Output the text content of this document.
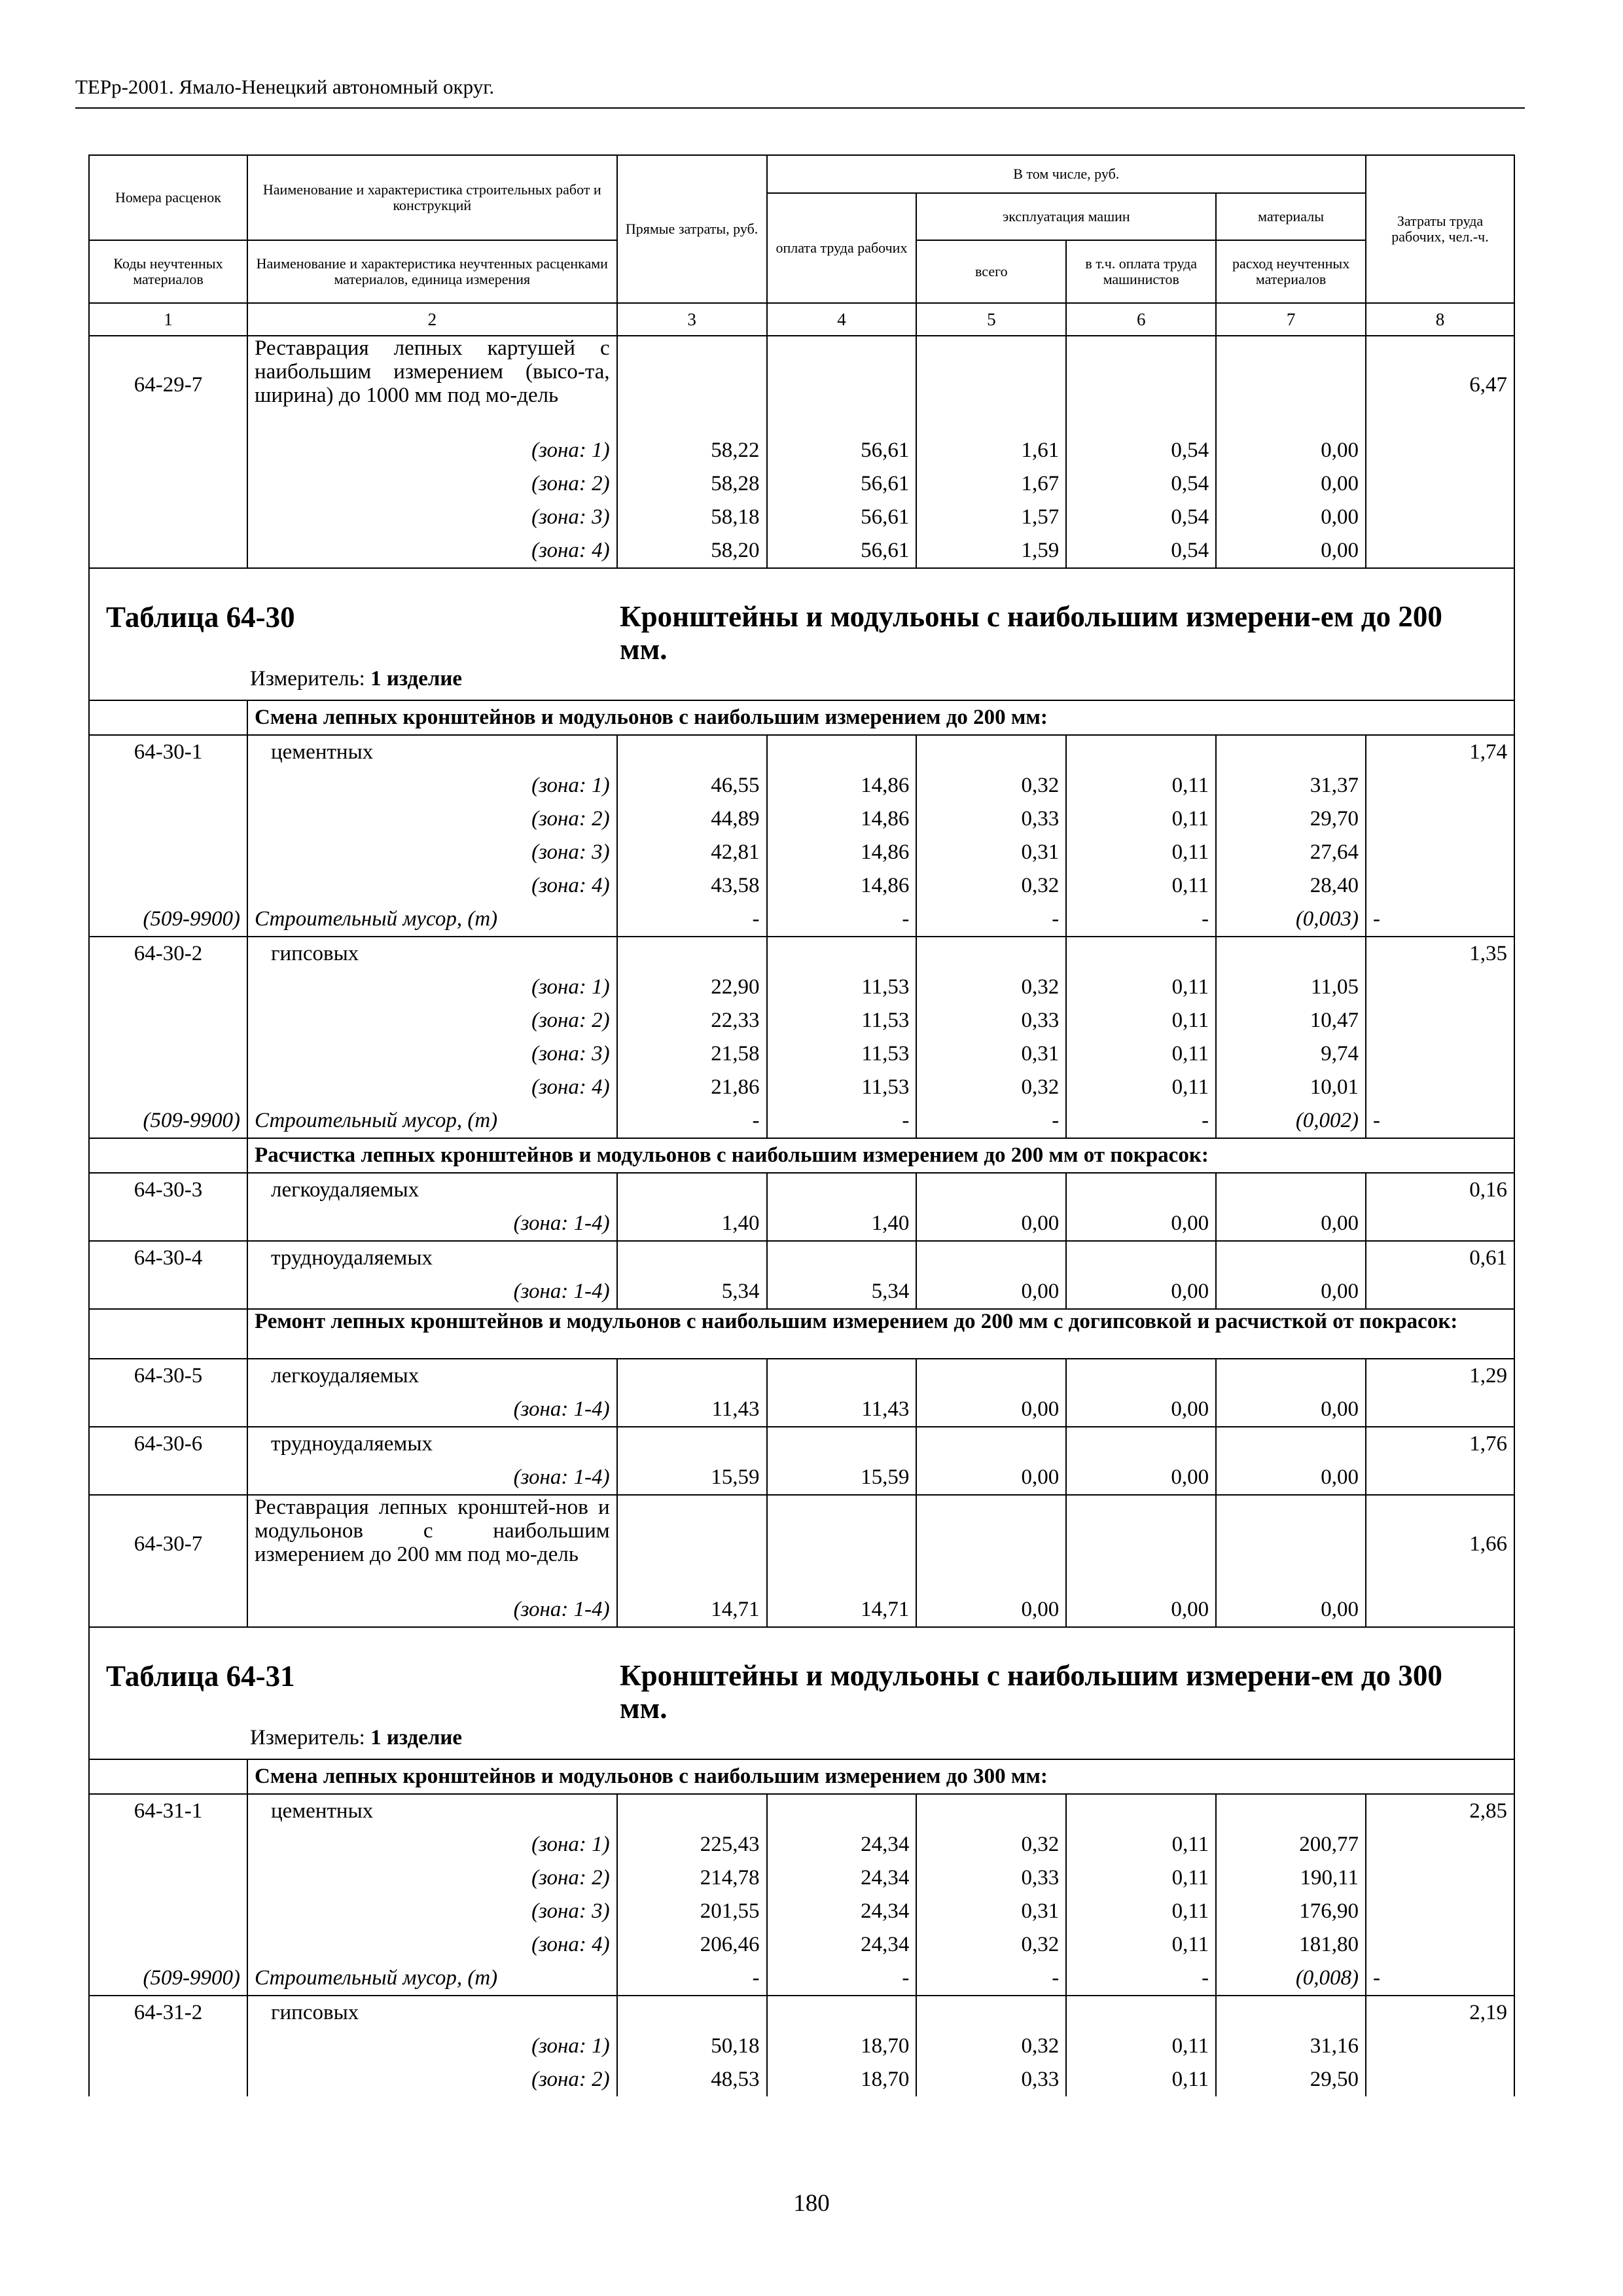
ТЕРр-2001. Ямало-Ненецкий автономный округ.
Номера расценок	Наименование и характеристика строительных работ и конструкций	Прямые затраты, руб.	В том числе, руб.				Затраты труда рабочих, чел.-ч.
			оплата труда рабочих	эксплуатация машин		материалы	
Коды неучтенных материалов	Наименование и характеристика неучтенных расценками материалов, единица измерения			всего	в т.ч. оплата труда машинистов	расход неучтенных материалов	
1	2	3	4	5	6	7	8
64-29-7	Реставрация лепных картушей с наибольшим измерением (высо-та, ширина) до 1000 мм под мо-дель						6,47
	(зона: 1)	58,22	56,61	1,61	0,54	0,00	
	(зона: 2)	58,28	56,61	1,67	0,54	0,00	
	(зона: 3)	58,18	56,61	1,57	0,54	0,00	
	(зона: 4)	58,20	56,61	1,59	0,54	0,00	

Таблица 64-30 Кронштейны и модульоны с наибольшим измерени-ем до 200 мм.
Измеритель: 1 изделие							

	Смена лепных кронштейнов и модульонов с наибольшим измерением до 200 мм:						
64-30-1	цементных						1,74
	(зона: 1)	46,55	14,86	0,32	0,11	31,37	
	(зона: 2)	44,89	14,86	0,33	0,11	29,70	
	(зона: 3)	42,81	14,86	0,31	0,11	27,64	
	(зона: 4)	43,58	14,86	0,32	0,11	28,40	
(509-9900)	Строительный мусор, (т)	-	-	-	-	(0,003)	-
64-30-2	гипсовых						1,35
	(зона: 1)	22,90	11,53	0,32	0,11	11,05	
	(зона: 2)	22,33	11,53	0,33	0,11	10,47	
	(зона: 3)	21,58	11,53	0,31	0,11	9,74	
	(зона: 4)	21,86	11,53	0,32	0,11	10,01	
(509-9900)	Строительный мусор, (т)	-	-	-	-	(0,002)	-
	Расчистка лепных кронштейнов и модульонов с наибольшим измерением до 200 мм от покрасок:						
64-30-3	легкоудаляемых						0,16
	(зона: 1-4)	1,40	1,40	0,00	0,00	0,00	
64-30-4	трудноудаляемых						0,61
	(зона: 1-4)	5,34	5,34	0,00	0,00	0,00	
	Ремонт лепных кронштейнов и модульонов с наибольшим измерением до 200 мм с догипсовкой и расчисткой от покрасок:						
64-30-5	легкоудаляемых						1,29
	(зона: 1-4)	11,43	11,43	0,00	0,00	0,00	
64-30-6	трудноудаляемых						1,76
	(зона: 1-4)	15,59	15,59	0,00	0,00	0,00	
64-30-7	Реставрация лепных кронштей-нов и модульонов с наибольшим измерением до 200 мм под мо-дель						1,66
	(зона: 1-4)	14,71	14,71	0,00	0,00	0,00	

Таблица 64-31 Кронштейны и модульоны с наибольшим измерени-ем до 300 мм.
Измеритель: 1 изделие							

	Смена лепных кронштейнов и модульонов с наибольшим измерением до 300 мм:						
64-31-1	цементных						2,85
	(зона: 1)	225,43	24,34	0,32	0,11	200,77	
	(зона: 2)	214,78	24,34	0,33	0,11	190,11	
	(зона: 3)	201,55	24,34	0,31	0,11	176,90	
	(зона: 4)	206,46	24,34	0,32	0,11	181,80	
(509-9900)	Строительный мусор, (т)	-	-	-	-	(0,008)	-
64-31-2	гипсовых						2,19
	(зона: 1)	50,18	18,70	0,32	0,11	31,16	
	(зона: 2)	48,53	18,70	0,33	0,11	29,50	
180
